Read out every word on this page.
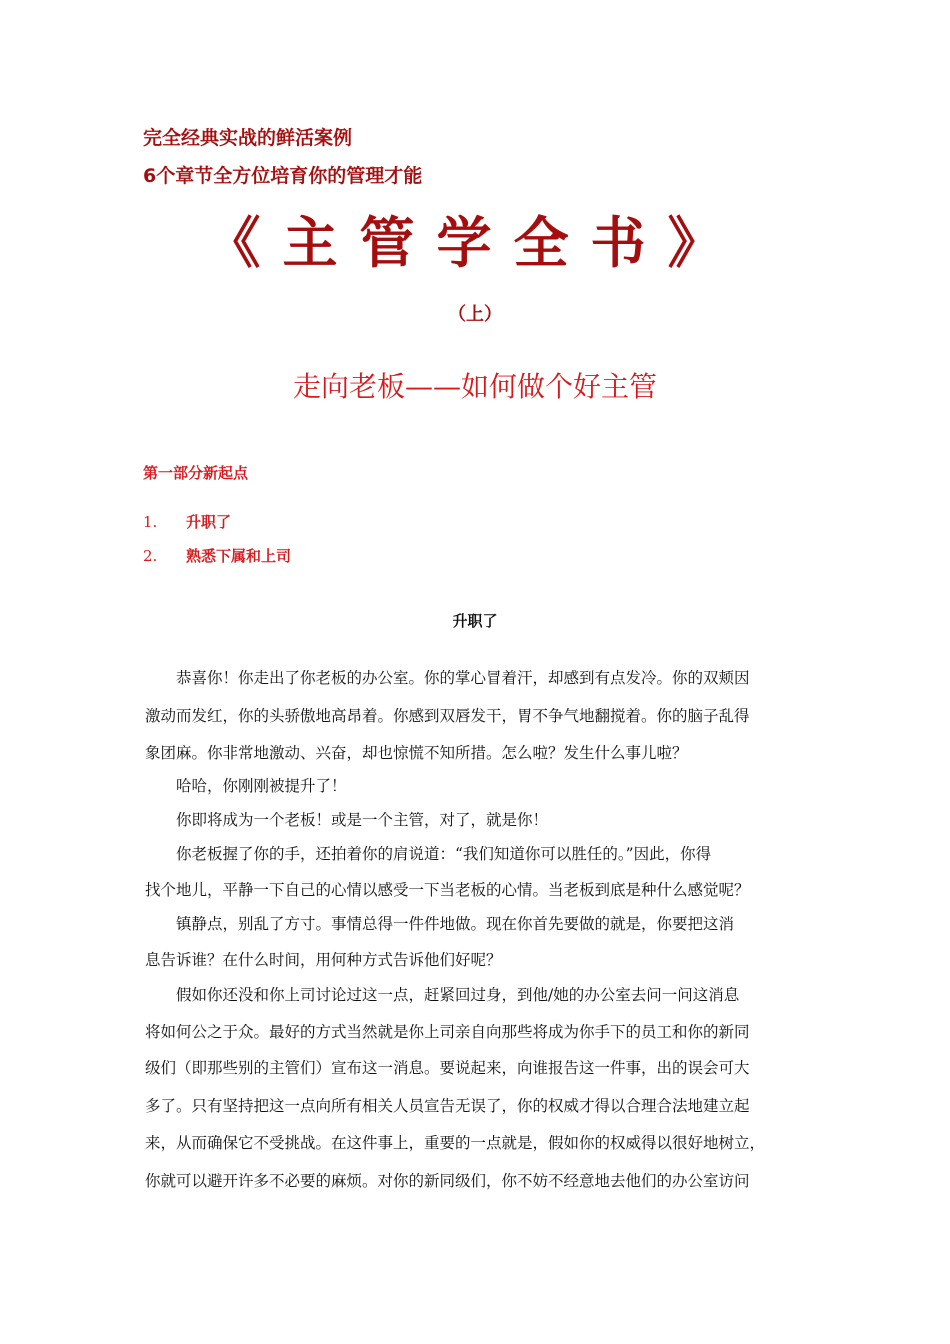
完全经典实战的鲜活案例
6个章节全方位培育你的管理才能
《主管学全书》
（上）
走向老板——如何做个好主管
第一部分新起点
1. 升职了
2. 熟悉下属和上司
升职了
　　恭喜你！你走出了你老板的办公室。你的掌心冒着汗，却感到有点发冷。你的双颊因
激动而发红，你的头骄傲地高昂着。你感到双唇发干，胃不争气地翻搅着。你的脑子乱得
象团麻。你非常地激动、兴奋，却也惊慌不知所措。怎么啦？发生什么事儿啦？
　　哈哈，你刚刚被提升了！
　　你即将成为一个老板！或是一个主管，对了，就是你！
　　你老板握了你的手，还拍着你的肩说道：“我们知道你可以胜任的。”因此，你得
找个地儿，平静一下自己的心情以感受一下当老板的心情。当老板到底是种什么感觉呢？
　　镇静点，别乱了方寸。事情总得一件件地做。现在你首先要做的就是，你要把这消
息告诉谁？在什么时间，用何种方式告诉他们好呢？
　　假如你还没和你上司讨论过这一点，赶紧回过身，到他/她的办公室去问一问这消息
将如何公之于众。最好的方式当然就是你上司亲自向那些将成为你手下的员工和你的新同
级们（即那些别的主管们）宣布这一消息。要说起来，向谁报告这一件事，出的误会可大
多了。只有坚持把这一点向所有相关人员宣告无误了，你的权威才得以合理合法地建立起
来，从而确保它不受挑战。在这件事上，重要的一点就是，假如你的权威得以很好地树立，
你就可以避开许多不必要的麻烦。对你的新同级们，你不妨不经意地去他们的办公室访问
